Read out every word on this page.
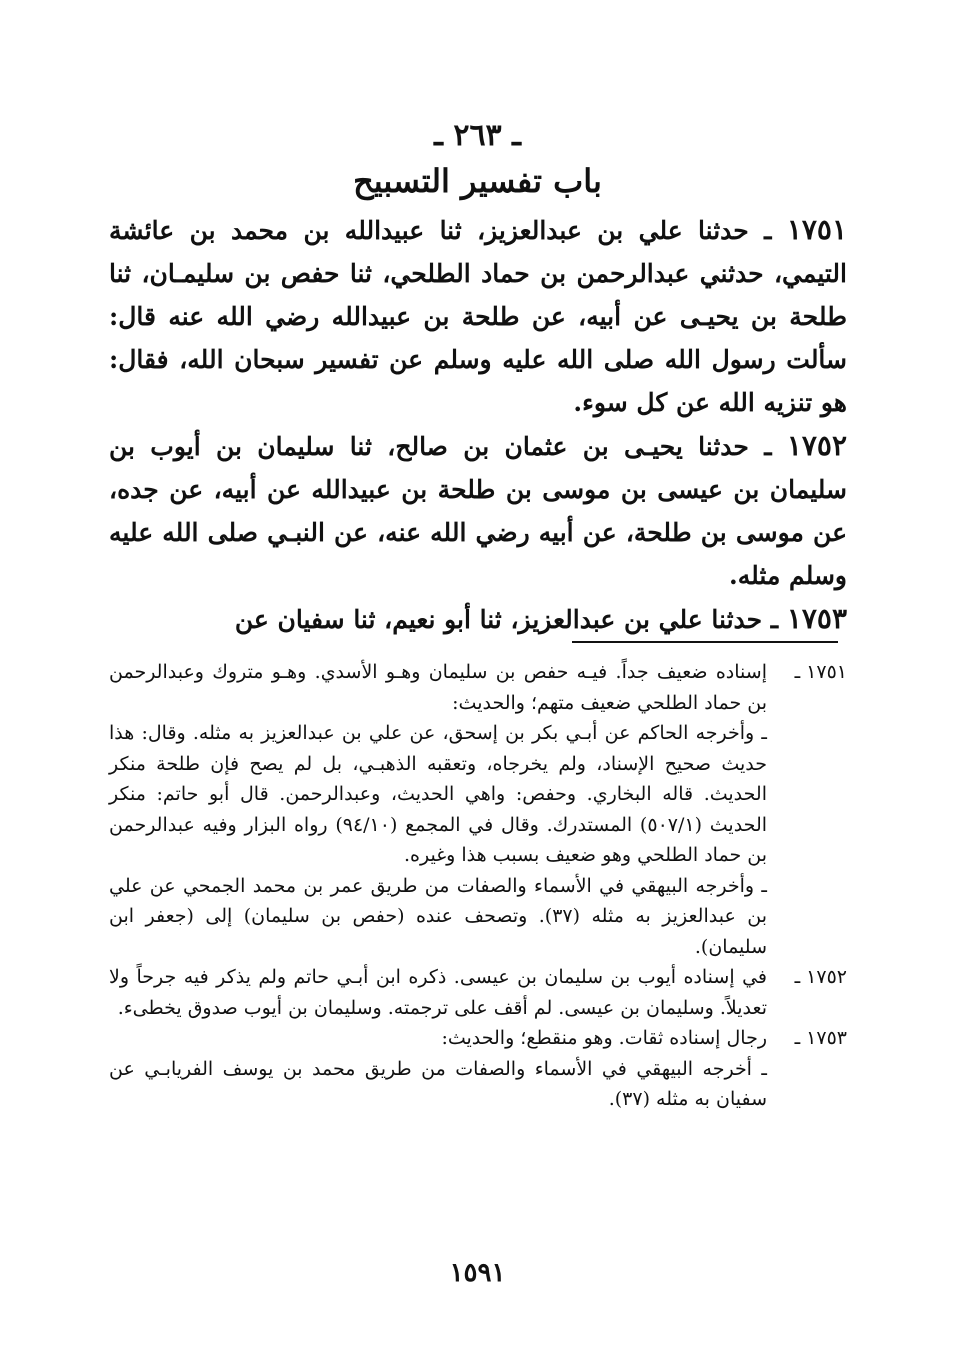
ـ ٢٦٣ ـ
باب تفسير التسبيح

١٧٥١ ـ حدثنا علي بن عبدالعزيز، ثنا عبيدالله بن محمد بن عائشة التيمي، حدثني عبدالرحمن بن حماد الطلحي، ثنا حفص بن سليمـان، ثنا طلحة بن يحيـى عن أبيه، عن طلحة بن عبيدالله رضي الله عنه قال: سألت رسول الله صلى الله عليه وسلم عن تفسير سبحان الله، فقال: هو تنزيه الله عن كل سوء.

١٧٥٢ ـ حدثنا يحيـى بن عثمان بن صالح، ثنا سليمان بن أيوب بن سليمان بن عيسى بن موسى بن طلحة بن عبيدالله عن أبيه، عن جده، عن موسى بن طلحة، عن أبيه رضي الله عنه، عن النبـي صلى الله عليه وسلم مثله.

١٧٥٣ ـ حدثنا علي بن عبدالعزيز، ثنا أبو نعيم، ثنا سفيان عن

١٧٥١ ـ

إسناده ضعيف جداً. فيـه حفص بن سليمان وهـو الأسدي. وهـو متروك وعبدالرحمن بن حماد الطلحي ضعيف متهم؛ والحديث:

ـ وأخرجه الحاكم عن أبـي بكر بن إسحق، عن علي بن عبدالعزيز به مثله. وقال: هذا حديث صحيح الإسناد، ولم يخرجاه، وتعقبه الذهبـي، بل لم يصح فإن طلحة منكر الحديث. قاله البخاري. وحفص: واهي الحديث، وعبدالرحمن. قال أبو حاتم: منكر الحديث (٥٠٧/١) المستدرك. وقال في المجمع (٩٤/١٠) رواه البزار وفيه عبدالرحمن بن حماد الطلحي وهو ضعيف بسبب هذا وغيره.

ـ وأخرجه البيهقي في الأسماء والصفات من طريق عمر بن محمد الجمحي عن علي بن عبدالعزيز به مثله (٣٧). وتصحف عنده (حفص بن سليمان) إلى (جعفر ابن سليمان).

١٧٥٢ ـ

في إسناده أيوب بن سليمان بن عيسى. ذكره ابن أبـي حاتم ولم يذكر فيه جرحاً ولا تعديلاً. وسليمان بن عيسى. لم أقف على ترجمته. وسليمان بن أيوب صدوق يخطىء.

١٧٥٣ ـ

رجال إسناده ثقات. وهو منقطع؛ والحديث:

ـ أخرجه البيهقي في الأسماء والصفات من طريق محمد بن يوسف الفريابـي عن سفيان به مثله (٣٧).

١٥٩١
